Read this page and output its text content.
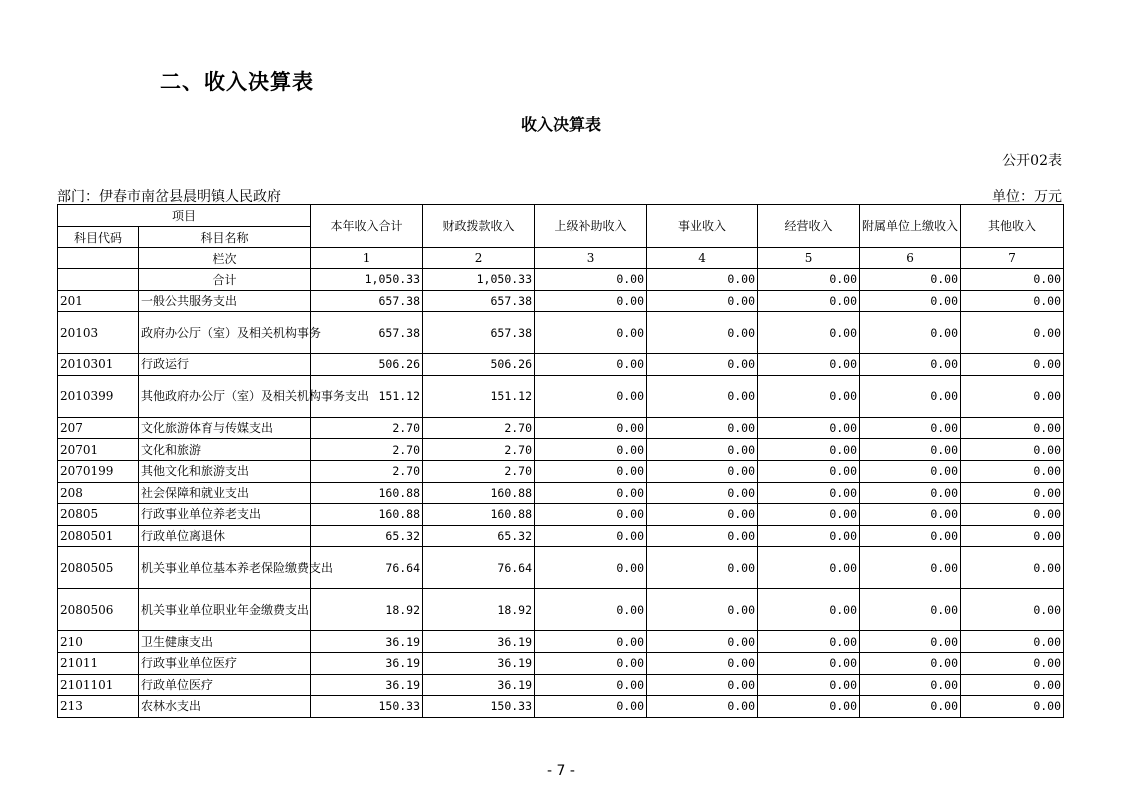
二、收入决算表
收入决算表
公开02表
部门：伊春市南岔县晨明镇人民政府	单位：万元
项目		本年收入合计	财政拨款收入	上级补助收入	事业收入	经营收入	附属单位上缴收入	其他收入
科目代码	科目名称							
	栏次	1	2	3	4	5	6	7
	合计	1,050.33	1,050.33	0.00	0.00	0.00	0.00	0.00
201	一般公共服务支出	657.38	657.38	0.00	0.00	0.00	0.00	0.00
20103	政府办公厅（室）及相关机构事务	657.38	657.38	0.00	0.00	0.00	0.00	0.00
2010301	行政运行	506.26	506.26	0.00	0.00	0.00	0.00	0.00
2010399	其他政府办公厅（室）及相关机构事务支出	151.12	151.12	0.00	0.00	0.00	0.00	0.00
207	文化旅游体育与传媒支出	2.70	2.70	0.00	0.00	0.00	0.00	0.00
20701	文化和旅游	2.70	2.70	0.00	0.00	0.00	0.00	0.00
2070199	其他文化和旅游支出	2.70	2.70	0.00	0.00	0.00	0.00	0.00
208	社会保障和就业支出	160.88	160.88	0.00	0.00	0.00	0.00	0.00
20805	行政事业单位养老支出	160.88	160.88	0.00	0.00	0.00	0.00	0.00
2080501	行政单位离退休	65.32	65.32	0.00	0.00	0.00	0.00	0.00
2080505	机关事业单位基本养老保险缴费支出	76.64	76.64	0.00	0.00	0.00	0.00	0.00
2080506	机关事业单位职业年金缴费支出	18.92	18.92	0.00	0.00	0.00	0.00	0.00
210	卫生健康支出	36.19	36.19	0.00	0.00	0.00	0.00	0.00
21011	行政事业单位医疗	36.19	36.19	0.00	0.00	0.00	0.00	0.00
2101101	行政单位医疗	36.19	36.19	0.00	0.00	0.00	0.00	0.00
213	农林水支出	150.33	150.33	0.00	0.00	0.00	0.00	0.00
- 7 -
